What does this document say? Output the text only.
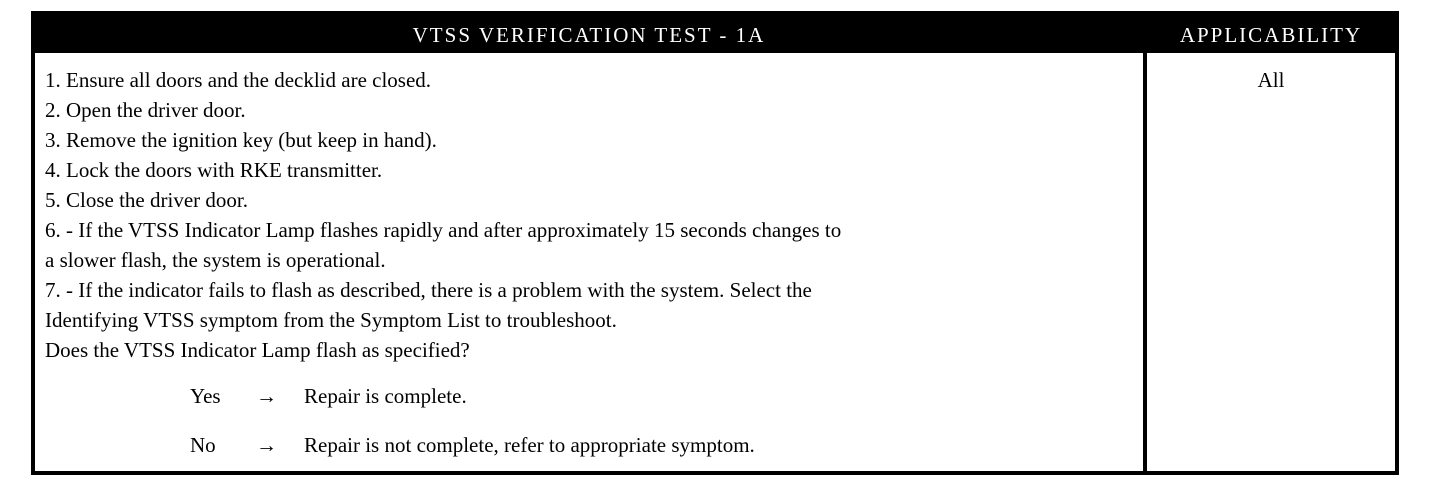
VTSS VERIFICATION TEST - 1A	APPLICABILITY
1. Ensure all doors and the decklid are closed.
2. Open the driver door.
3. Remove the ignition key (but keep in hand).
4. Lock the doors with RKE transmitter.
5. Close the driver door.
6. - If the VTSS Indicator Lamp flashes rapidly and after approximately 15 seconds changes to
a slower flash, the system is operational.
7. - If the indicator fails to flash as described, there is a problem with the system. Select the
Identifying VTSS symptom from the Symptom List to troubleshoot.
Does the VTSS Indicator Lamp flash as specified?
Yes → Repair is complete.
No → Repair is not complete, refer to appropriate symptom.
All
